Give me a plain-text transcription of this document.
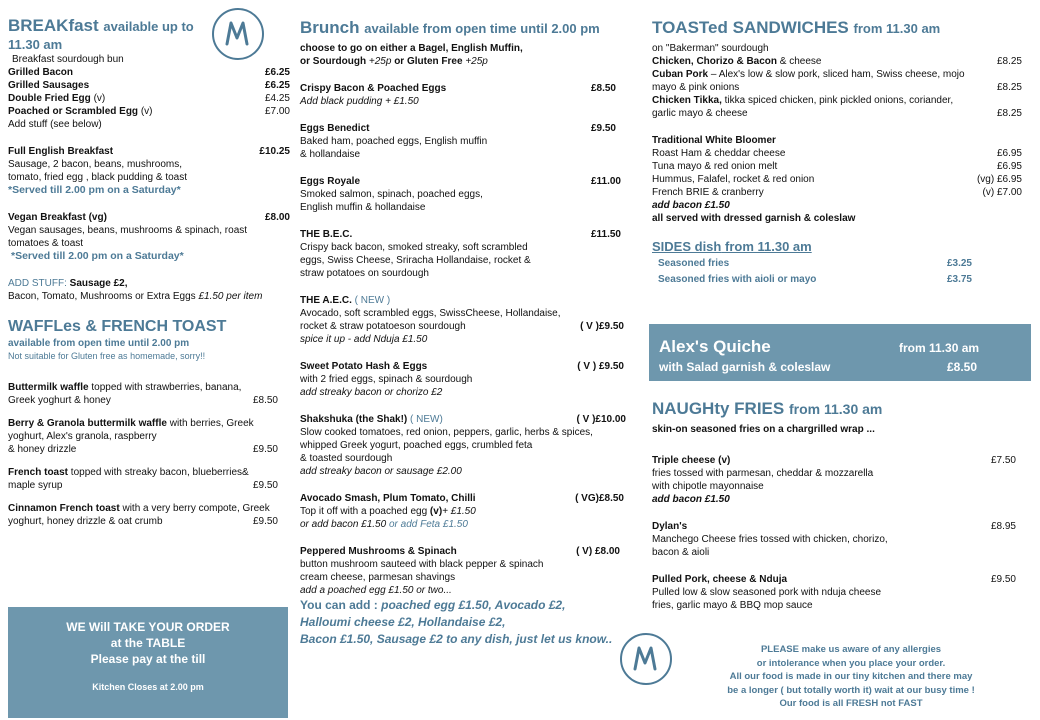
BREAKfast available up to

11.30 am

Breakfast sourdough bun

Grilled Bacon	£6.25
Grilled Sausages	£6.25
Double Fried Egg (v)	£4.25
Poached or Scrambled Egg (v)	£7.00

Add stuff (see below)

Full English Breakfast	£10.25

Sausage, 2 bacon, beans, mushrooms,

tomato, fried egg , black pudding & toast

*Served till 2.00 pm on a Saturday*

Vegan Breakfast (vg)	£8.00

Vegan sausages, beans, mushrooms & spinach, roast

tomatoes & toast

*Served till 2.00 pm on a Saturday*

ADD STUFF: Sausage £2,

Bacon, Tomato, Mushrooms or Extra Eggs £1.50 per item

WAFFLes & FRENCH TOAST

available from open time until 2.00 pm

Not suitable for Gluten free as homemade, sorry!!

Buttermilk waffle topped with strawberries, banana,

Greek yoghurt & honey	£8.50

Berry & Granola buttermilk waffle with berries, Greek

yoghurt, Alex's granola, raspberry

& honey drizzle	£9.50

French toast topped with streaky bacon, blueberries&

maple syrup	£9.50

Cinnamon French toast with a very berry compote, Greek

yoghurt, honey drizzle & oat crumb	£9.50

WE Will TAKE YOUR ORDER

at the TABLE

Please pay at the till

Kitchen Closes at 2.00 pm

Brunch available from open time until 2.00 pm

choose to go on either a Bagel, English Muffin,

or Sourdough +25p or Gluten Free +25p

Crispy Bacon & Poached Eggs	£8.50

Add black pudding + £1.50

Eggs Benedict	£9.50

Baked ham, poached eggs, English muffin

& hollandaise

Eggs Royale	£11.00

Smoked salmon, spinach, poached eggs,

English muffin & hollandaise

THE B.E.C.	£11.50

Crispy back bacon, smoked streaky, soft scrambled

eggs, Swiss Cheese, Sriracha Hollandaise, rocket &

straw potatoes on sourdough

THE A.E.C. ( NEW )

Avocado, soft scrambled eggs, SwissCheese, Hollandaise,

rocket & straw potatoeson sourdough	( V )£9.50

spice it up - add Nduja £1.50

Sweet Potato Hash & Eggs	( V ) £9.50

with 2 fried eggs, spinach & sourdough

add streaky bacon or chorizo £2

Shakshuka (the Shak!) ( NEW)	( V )£10.00

Slow cooked tomatoes, red onion, peppers, garlic, herbs & spices,

whipped Greek yogurt, poached eggs, crumbled feta

& toasted sourdough

add streaky bacon or sausage £2.00

Avocado Smash, Plum Tomato, Chilli	( VG)£8.50

Top it off with a poached egg (v)+ £1.50

or add bacon £1.50 or add Feta £1.50

Peppered Mushrooms & Spinach	( V) £8.00

button mushroom sauteed with black pepper & spinach

cream cheese, parmesan shavings

add a poached egg £1.50 or two...

You can add : poached egg £1.50, Avocado £2,

Halloumi cheese £2, Hollandaise £2,

Bacon £1.50, Sausage £2 to any dish, just let us know..

TOASTed SANDWICHES from 11.30 am

on "Bakerman" sourdough

Chicken, Chorizo & Bacon & cheese	£8.25

Cuban Pork – Alex's low & slow pork, sliced ham, Swiss cheese, mojo

mayo & pink onions	£8.25

Chicken Tikka, tikka spiced chicken, pink pickled onions, coriander,

garlic mayo & cheese	£8.25

Traditional White Bloomer

Roast Ham & cheddar cheese	£6.95
Tuna mayo & red onion melt	£6.95
Hummus, Falafel, rocket & red onion	(vg) £6.95
French BRIE & cranberry	(v) £7.00

add bacon £1.50

all served with dressed garnish & coleslaw

SIDES dish from 11.30 am

Seasoned fries	£3.25
Seasoned fries with aioli or mayo	£3.75
Alex's Quiche	from 11.30 am
with Salad garnish & coleslaw	£8.50

NAUGHty FRIES from 11.30 am

skin-on seasoned fries on a chargrilled wrap ...

Triple cheese (v)	£7.50

fries tossed with parmesan, cheddar & mozzarella

with chipotle mayonnaise

add bacon £1.50

Dylan's	£8.95

Manchego Cheese fries tossed with chicken, chorizo,

bacon & aioli

Pulled Pork, cheese & Nduja	£9.50

Pulled low & slow seasoned pork with nduja cheese

fries, garlic mayo & BBQ mop sauce

PLEASE make us aware of any allergies
or intolerance when you place your order.
All our food is made in our tiny kitchen and there may
be a longer ( but totally worth it) wait at our busy time !
Our food is all FRESH not FAST
